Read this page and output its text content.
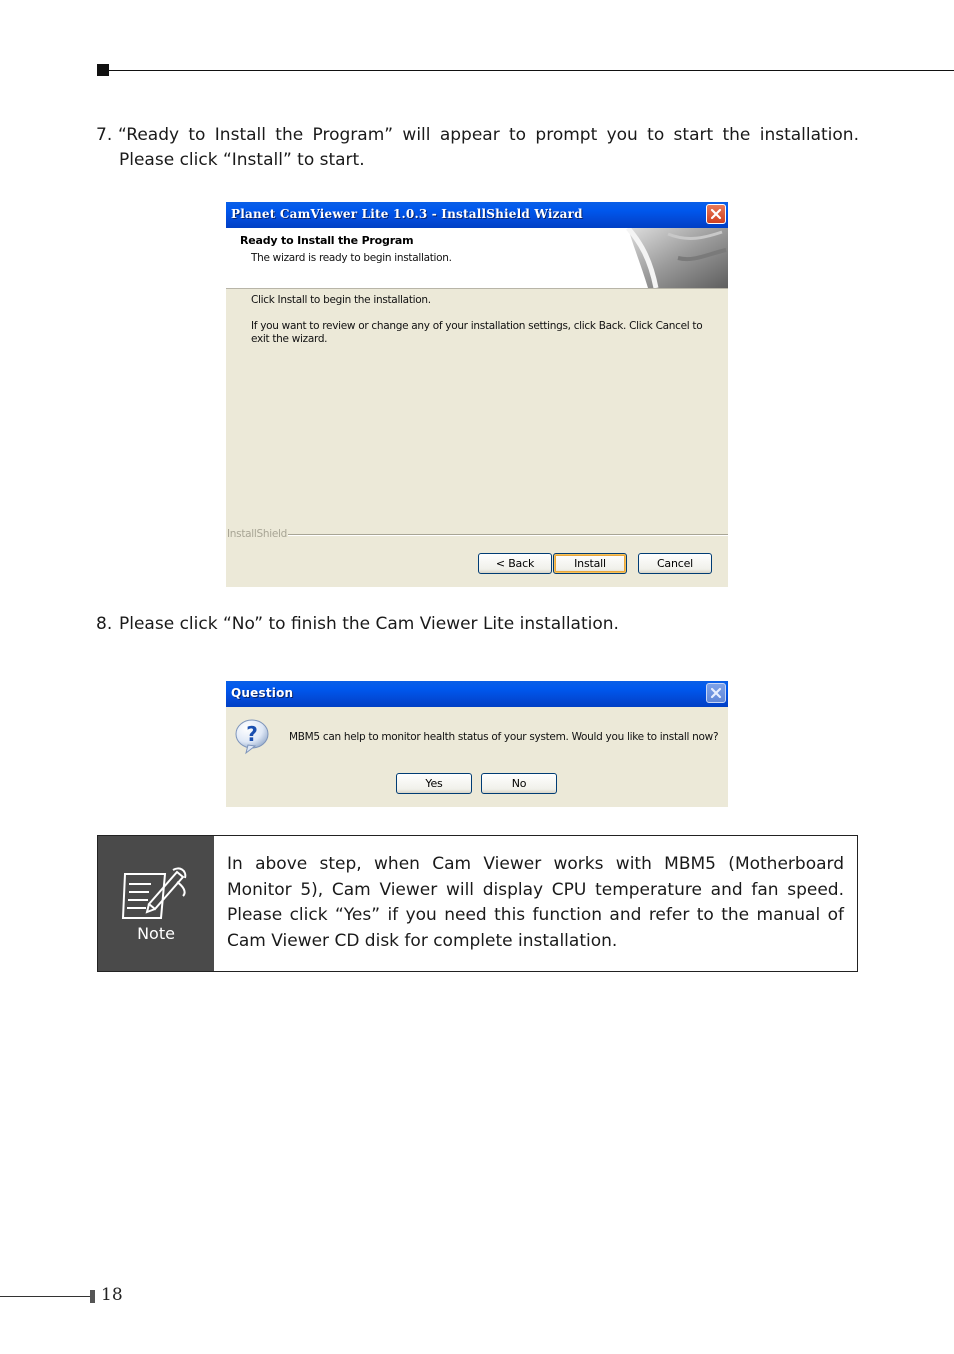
7. “Ready to Install the Program” will appear to prompt you to start the installation.
Please click “Install” to start.
Planet CamViewer Lite 1.0.3 - InstallShield Wizard
Ready to Install the Program
The wizard is ready to begin installation.
Click Install to begin the installation.
If you want to review or change any of your installation settings, click Back. Click Cancel to exit the wizard.
InstallShield
< Back	Install	Cancel
8. Please click “No” to finish the Cam Viewer Lite installation.
Question
?	MBM5 can help to monitor health status of your system. Would you like to install now?
Yes	No
Note
In above step, when Cam Viewer works with MBM5 (Motherboard Monitor 5), Cam Viewer will display CPU temperature and fan speed. Please click “Yes” if you need this function and refer to the manual of Cam Viewer CD disk for complete installation.
18
